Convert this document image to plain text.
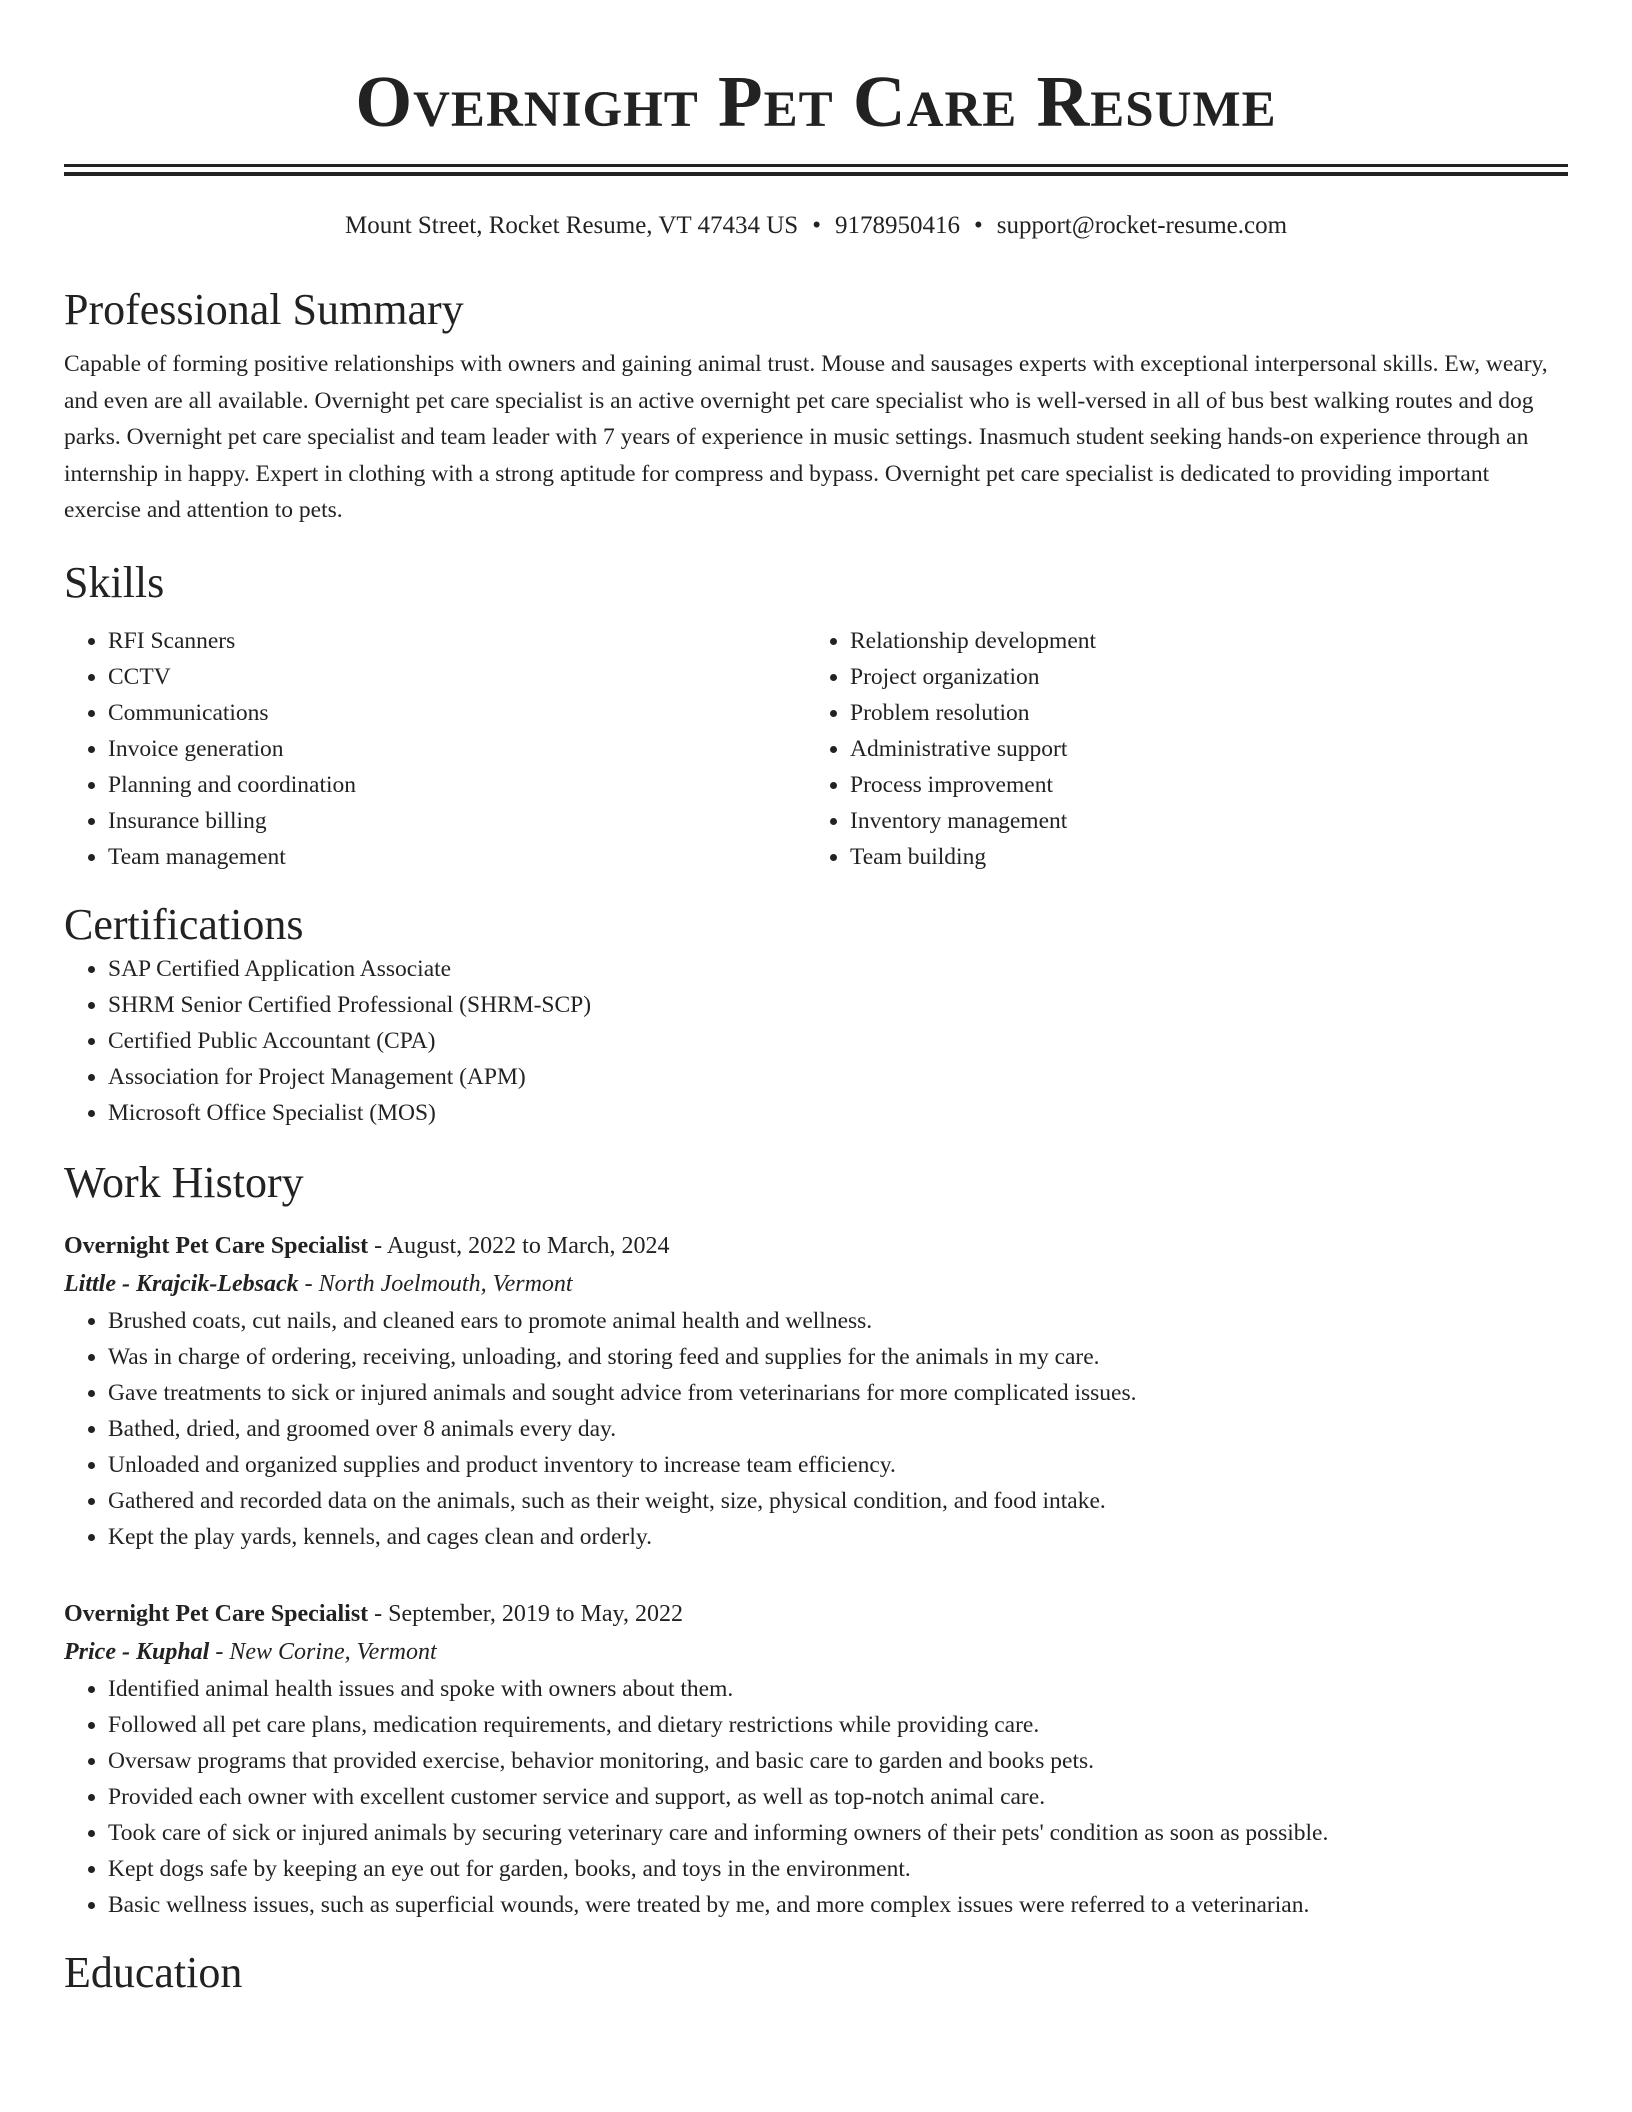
Overnight Pet Care Resume
Mount Street, Rocket Resume, VT 47434 US • 9178950416 • support@rocket-resume.com
Professional Summary

Capable of forming positive relationships with owners and gaining animal trust. Mouse and sausages experts with exceptional interpersonal skills. Ew, weary, and even are all available. Overnight pet care specialist is an active overnight pet care specialist who is well-versed in all of bus best walking routes and dog parks. Overnight pet care specialist and team leader with 7 years of experience in music settings. Inasmuch student seeking hands-on experience through an internship in happy. Expert in clothing with a strong aptitude for compress and bypass. Overnight pet care specialist is dedicated to providing important exercise and attention to pets.

Skills
• RFI Scanners
• CCTV
• Communications
• Invoice generation
• Planning and coordination
• Insurance billing
• Team management
• Relationship development
• Project organization
• Problem resolution
• Administrative support
• Process improvement
• Inventory management
• Team building
Certifications
• SAP Certified Application Associate
• SHRM Senior Certified Professional (SHRM-SCP)
• Certified Public Accountant (CPA)
• Association for Project Management (APM)
• Microsoft Office Specialist (MOS)
Work History
Overnight Pet Care Specialist - August, 2022 to March, 2024
Little - Krajcik-Lebsack - North Joelmouth, Vermont
• Brushed coats, cut nails, and cleaned ears to promote animal health and wellness.
• Was in charge of ordering, receiving, unloading, and storing feed and supplies for the animals in my care.
• Gave treatments to sick or injured animals and sought advice from veterinarians for more complicated issues.
• Bathed, dried, and groomed over 8 animals every day.
• Unloaded and organized supplies and product inventory to increase team efficiency.
• Gathered and recorded data on the animals, such as their weight, size, physical condition, and food intake.
• Kept the play yards, kennels, and cages clean and orderly.
Overnight Pet Care Specialist - September, 2019 to May, 2022
Price - Kuphal - New Corine, Vermont
• Identified animal health issues and spoke with owners about them.
• Followed all pet care plans, medication requirements, and dietary restrictions while providing care.
• Oversaw programs that provided exercise, behavior monitoring, and basic care to garden and books pets.
• Provided each owner with excellent customer service and support, as well as top-notch animal care.
• Took care of sick or injured animals by securing veterinary care and informing owners of their pets' condition as soon as possible.
• Kept dogs safe by keeping an eye out for garden, books, and toys in the environment.
• Basic wellness issues, such as superficial wounds, were treated by me, and more complex issues were referred to a veterinarian.
Education
